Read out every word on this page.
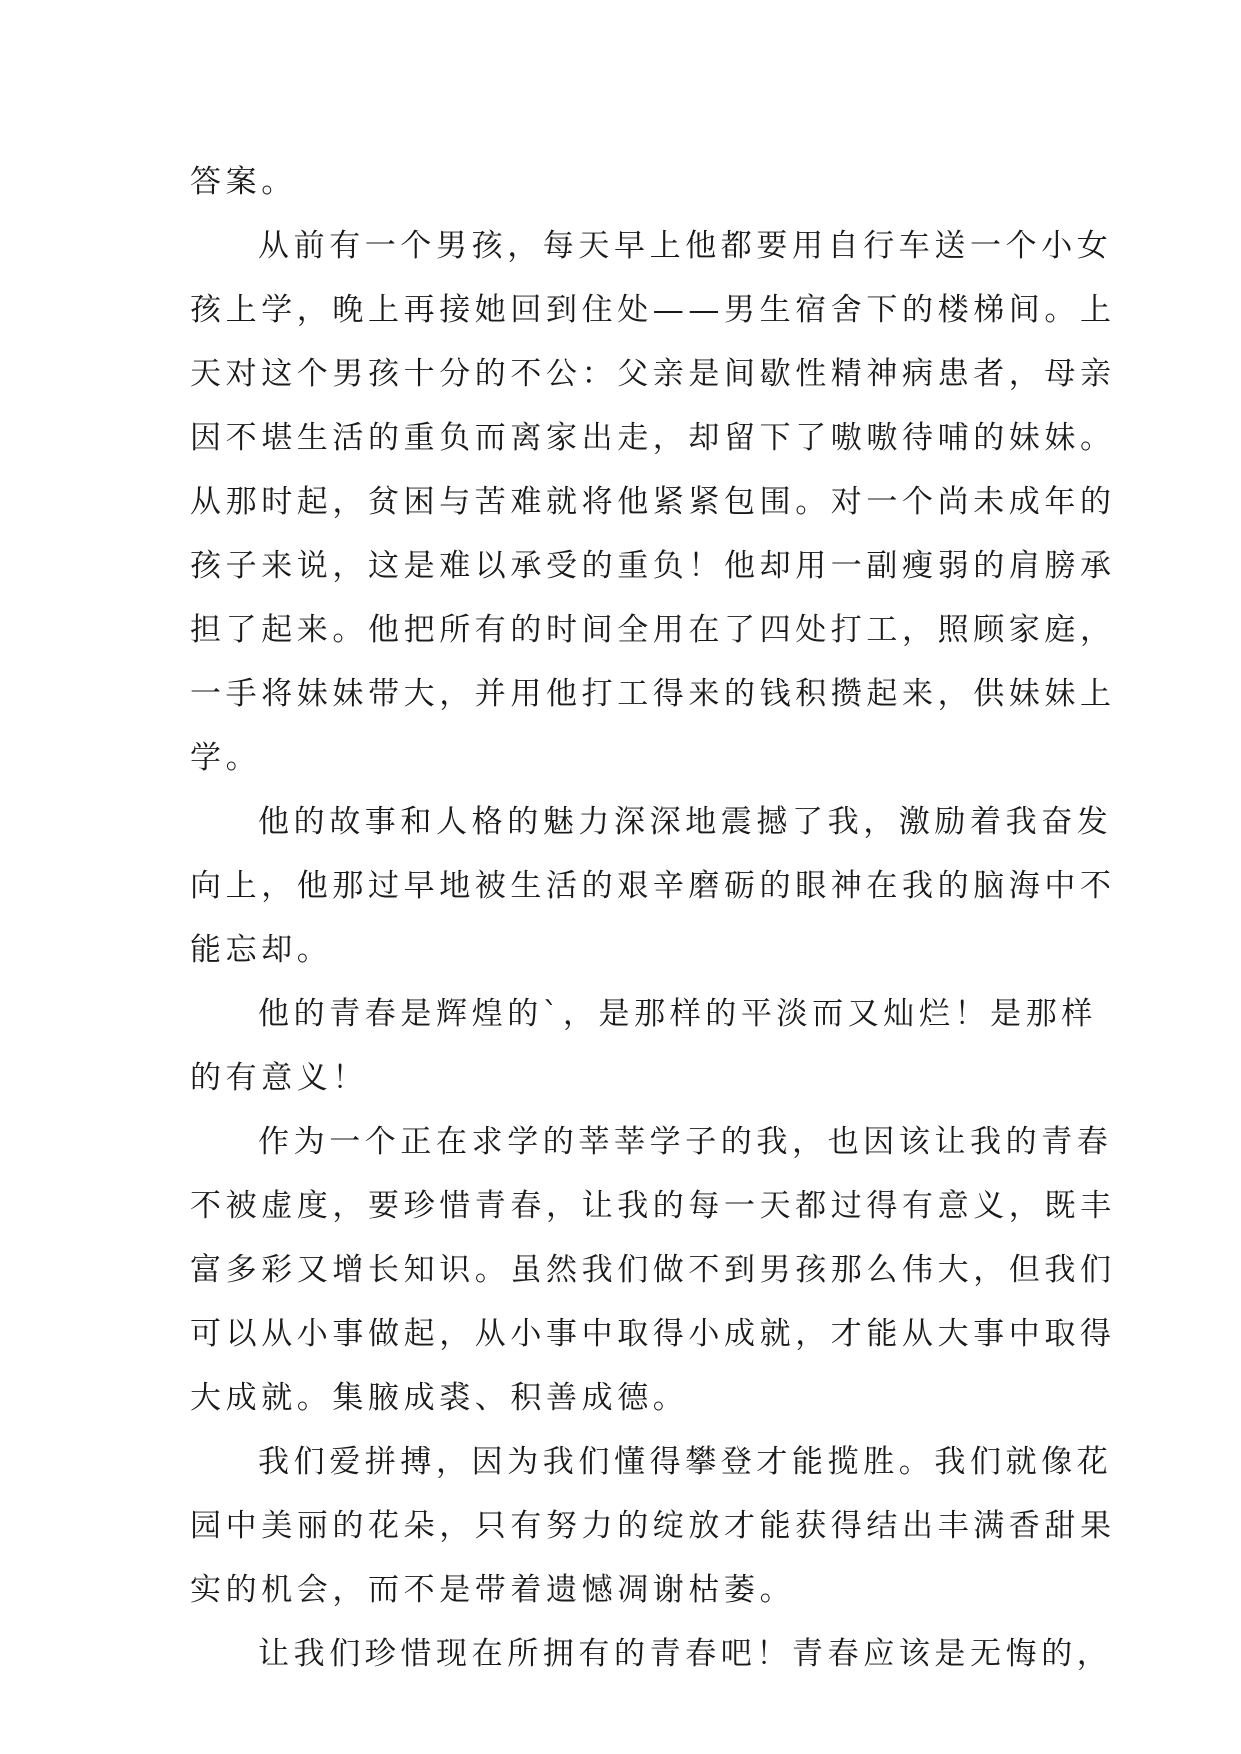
答案。
从前有一个男孩，每天早上他都要用自行车送一个小女
孩上学，晚上再接她回到住处——男生宿舍下的楼梯间。上
天对这个男孩十分的不公：父亲是间歇性精神病患者，母亲
因不堪生活的重负而离家出走，却留下了嗷嗷待哺的妹妹。
从那时起，贫困与苦难就将他紧紧包围。对一个尚未成年的
孩子来说，这是难以承受的重负！他却用一副瘦弱的肩膀承
担了起来。他把所有的时间全用在了四处打工，照顾家庭，
一手将妹妹带大，并用他打工得来的钱积攒起来，供妹妹上
学。
他的故事和人格的魅力深深地震撼了我，激励着我奋发
向上，他那过早地被生活的艰辛磨砺的眼神在我的脑海中不
能忘却。
他的青春是辉煌的`，是那样的平淡而又灿烂！是那样
的有意义！
作为一个正在求学的莘莘学子的我，也因该让我的青春
不被虚度，要珍惜青春，让我的每一天都过得有意义，既丰
富多彩又增长知识。虽然我们做不到男孩那么伟大，但我们
可以从小事做起，从小事中取得小成就，才能从大事中取得
大成就。集腋成裘、积善成德。
我们爱拼搏，因为我们懂得攀登才能揽胜。我们就像花
园中美丽的花朵，只有努力的绽放才能获得结出丰满香甜果
实的机会，而不是带着遗憾凋谢枯萎。
让我们珍惜现在所拥有的青春吧！青春应该是无悔的，
